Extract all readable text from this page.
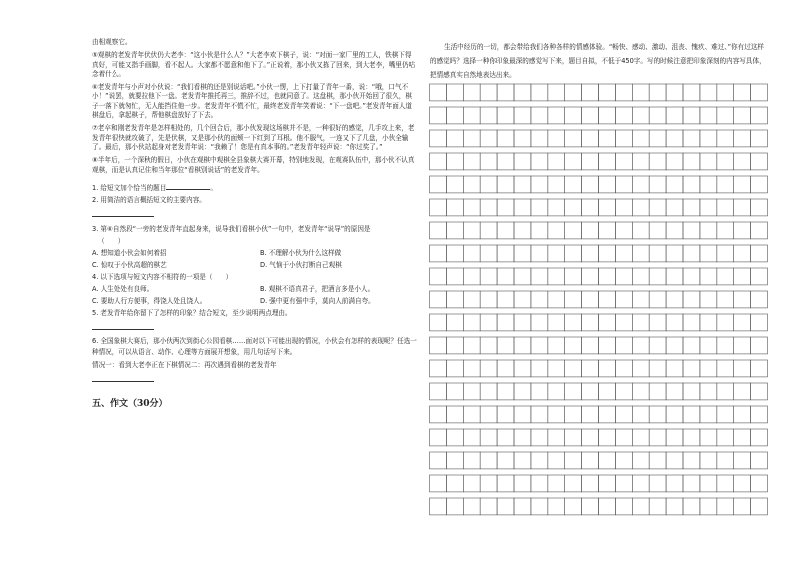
由相观察它。

⑤观棋的老发青年伏伏仍大老李：“这小伙是什么人？”大老李欢下棋子，说：“对面一家厂里的工人，铁棋下得真好，可能又指手画脚，看不起人。大家都不愿意和他下了。”正说着，那小伙又拣了回来，到大老李，嘴里仍咕念着什么。

⑥老发青年与小声对小伙说：“我们看棋的还是别说话吧。”小伙一愣，上下打量了青年一番，说：“哦，口气不小！”说罢，就要拉他下一盘。老发青年推托再三，推辞不过，也就同意了。这盘棋，那小伙开始回了很久，棋子一落下就匆忙，无人能挡住他一步。老发青年不慌不忙，最终老发青年笑着说：“下一盘吧。”老发青年面人道棋盘后，拿起棋子，帮他棋盘放好了下去。

⑦老卒和刚老发青年是怎样相处的，几个回合后，那小伙发现这场棋并不是，一种很好的感觉，几手攻上来，老发青年很快就攻破了，先是伏棋，又是那小伙的面颊一下红到了耳根。他不服气，一连又下了几盘，小伙全输了。最后，那小伙站起身对老发青年说：“我赖了！您是有真本事的。”老发青年轻声说：“你过奖了。”

⑧半年后，一个深秋的假日，小伙在观棋中观棋全县象棋大赛开幕，特别地发现，在观赛队伍中，那小伙不认真观棋，而是认真记住和当年那位“看棋别说话”的老发青年。

1. 给短文加个恰当的题目	。

2. 用简洁的语言概括短文的主要内容。

3. 第⑥自然段“一旁的老发青年直起身来，说导我们看棋小伙”一句中，老发青年“说导”的原因是

（　　）

A. 想知道小伙会如何着招	B. 不理解小伙为什么这样做
C. 惊叹于小伙高超的棋艺	D. 气恼于小伙打断自己观棋

4. 以下选项与短文内容不相符的一项是（　　）

A. 人生处处有良师。	B. 观棋不语真君子，把酒言多是小人。
C. 要助人行方便事，得饶人处且饶人。	D. 强中更有强中手，莫向人前满自夸。

5. 老发青年给你留下了怎样的印象？结合短文，至少说明两点理由。

6. 全国象棋大赛后，那小伙两次到街心公园看棋……面对以下可能出现的情况，小伙会有怎样的表现呢？任选一种情况，可以从语言、动作、心理等方面展开想象，用几句话写下来。

情况一：看到大老李正在下棋情况二：再次遇到看棋的老发青年

五、作文（30分）

生活中经历的一切，都会带给我们各种各样的情感体验。“畅快、感动、激动、沮丧、愧疚、难过、”你有过这样的感觉吗？选择一种你印象最深的感觉写下来，题目自拟，不低于450字。写的时候注意把印象深刻的内容写具体，把情感真实自然地表达出来。
